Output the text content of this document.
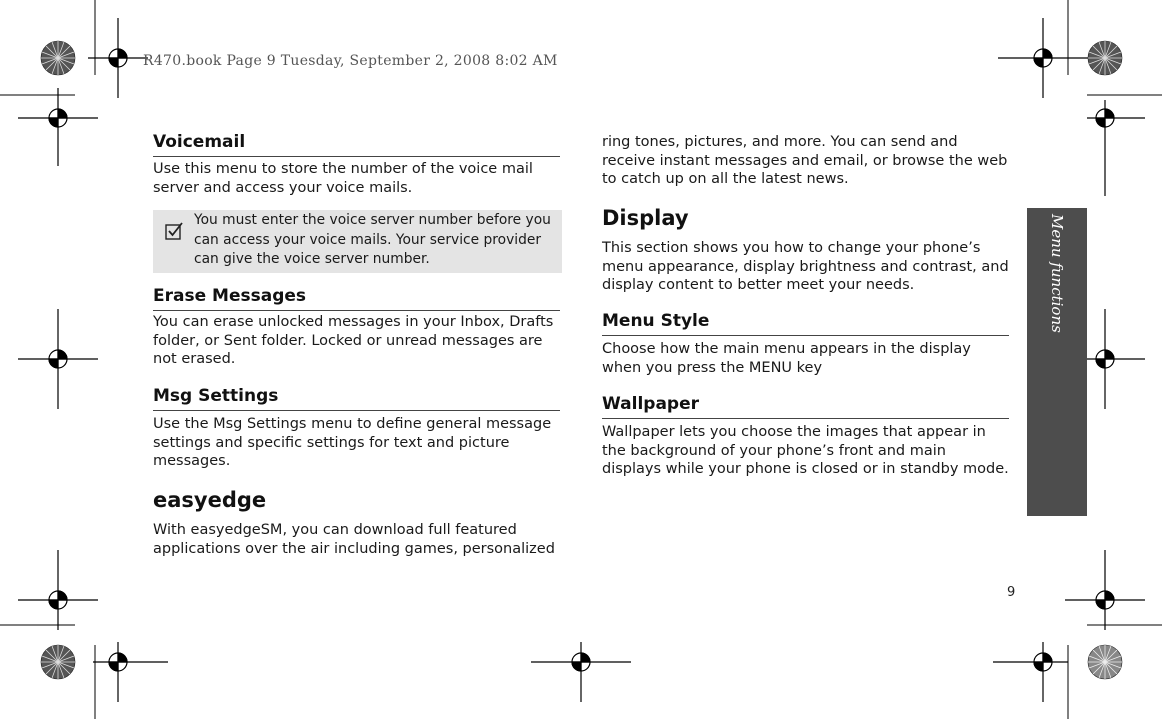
R470.book Page 9 Tuesday, September 2, 2008 8:02 AM
Voicemail
Use this menu to store the number of the voice mail server and access your voice mails.
Erase Messages
You can erase unlocked messages in your Inbox, Drafts folder, or Sent folder. Locked or unread messages are not erased.
Msg Settings
Use the Msg Settings menu to define general message settings and specific settings for text and picture messages.
easyedge
With easyedgeSM, you can download full featured applications over the air including games, personalized
You must enter the voice server number before you can access your voice mails. Your service provider can give the voice server number.
ring tones, pictures, and more. You can send and receive instant messages and email, or browse the web to catch up on all the latest news.
Display
This section shows you how to change your phone’s menu appearance, display brightness and contrast, and display content to better meet your needs.
Menu Style
Choose how the main menu appears in the display when you press the MENU key
Wallpaper
Wallpaper lets you choose the images that appear in the background of your phone’s front and main displays while your phone is closed or in standby mode.
Menu functions
9
